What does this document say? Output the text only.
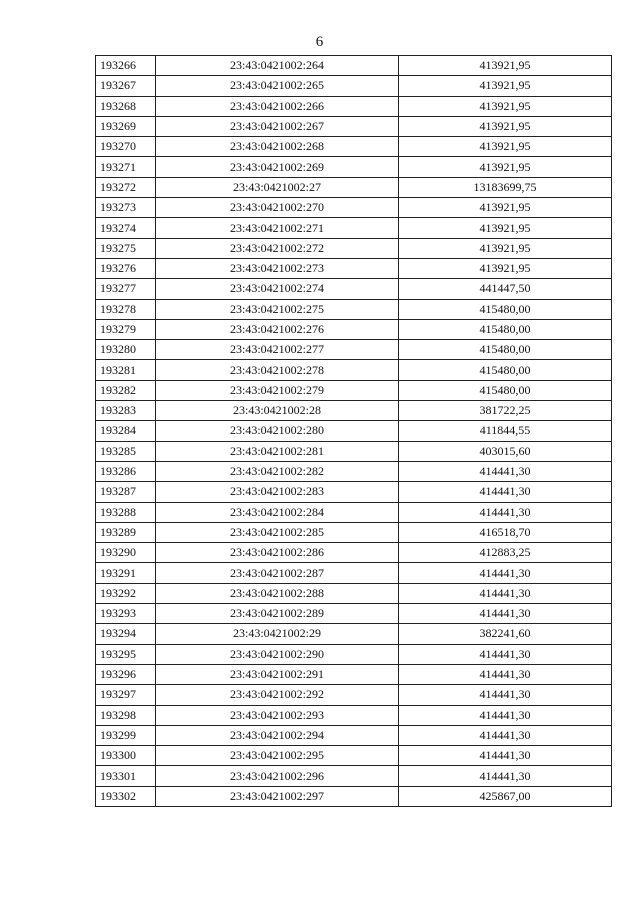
6
193266	23:43:0421002:264	413921,95
193267	23:43:0421002:265	413921,95
193268	23:43:0421002:266	413921,95
193269	23:43:0421002:267	413921,95
193270	23:43:0421002:268	413921,95
193271	23:43:0421002:269	413921,95
193272	23:43:0421002:27	13183699,75
193273	23:43:0421002:270	413921,95
193274	23:43:0421002:271	413921,95
193275	23:43:0421002:272	413921,95
193276	23:43:0421002:273	413921,95
193277	23:43:0421002:274	441447,50
193278	23:43:0421002:275	415480,00
193279	23:43:0421002:276	415480,00
193280	23:43:0421002:277	415480,00
193281	23:43:0421002:278	415480,00
193282	23:43:0421002:279	415480,00
193283	23:43:0421002:28	381722,25
193284	23:43:0421002:280	411844,55
193285	23:43:0421002:281	403015,60
193286	23:43:0421002:282	414441,30
193287	23:43:0421002:283	414441,30
193288	23:43:0421002:284	414441,30
193289	23:43:0421002:285	416518,70
193290	23:43:0421002:286	412883,25
193291	23:43:0421002:287	414441,30
193292	23:43:0421002:288	414441,30
193293	23:43:0421002:289	414441,30
193294	23:43:0421002:29	382241,60
193295	23:43:0421002:290	414441,30
193296	23:43:0421002:291	414441,30
193297	23:43:0421002:292	414441,30
193298	23:43:0421002:293	414441,30
193299	23:43:0421002:294	414441,30
193300	23:43:0421002:295	414441,30
193301	23:43:0421002:296	414441,30
193302	23:43:0421002:297	425867,00
